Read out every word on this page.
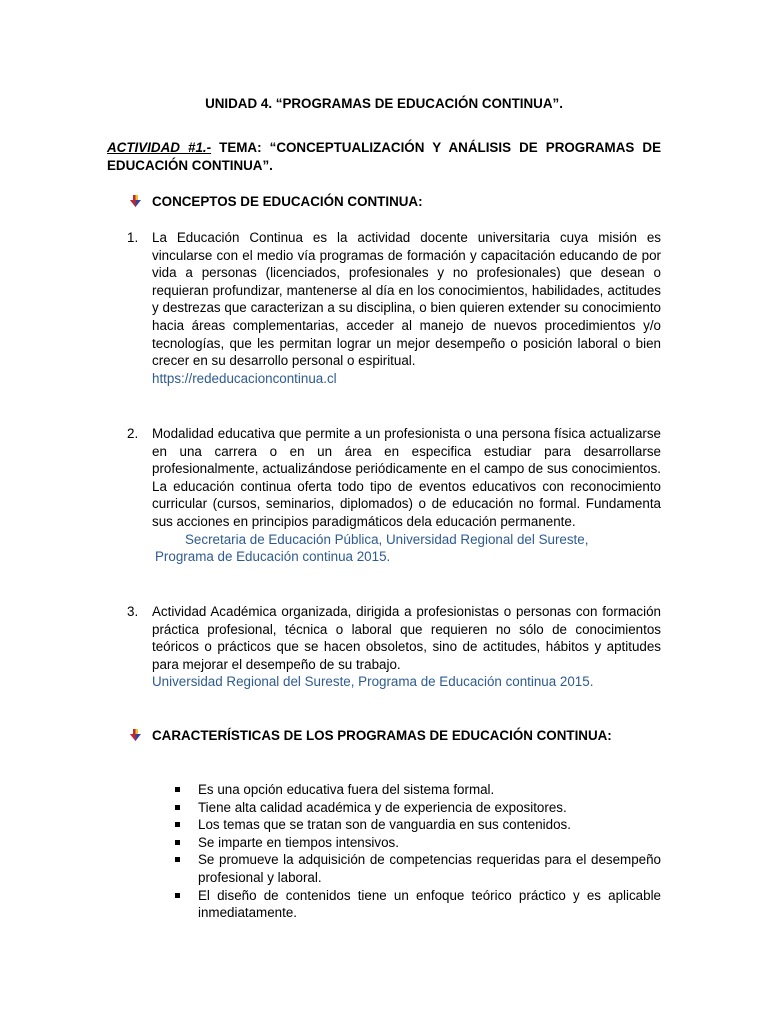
UNIDAD 4. “PROGRAMAS DE EDUCACIÓN CONTINUA”.

ACTIVIDAD #1.- TEMA: “CONCEPTUALIZACIÓN Y ANÁLISIS DE PROGRAMAS DE EDUCACIÓN CONTINUA”.

CONCEPTOS DE EDUCACIÓN CONTINUA:
1.	La Educación Continua es la actividad docente universitaria cuya misión es vincularse con el medio vía programas de formación y capacitación educando de por vida a personas (licenciados, profesionales y no profesionales) que desean o requieran profundizar, mantenerse al día en los conocimientos, habilidades, actitudes y destrezas que caracterizan a su disciplina, o bien quieren extender su conocimiento hacia áreas complementarias, acceder al manejo de nuevos procedimientos y/o tecnologías, que les permitan lograr un mejor desempeño o posición laboral o bien crecer en su desarrollo personal o espiritual.
https://rededucacioncontinua.cl
2.	Modalidad educativa que permite a un profesionista o una persona física actualizarse en una carrera o en un área en especifica estudiar para desarrollarse profesionalmente, actualizándose periódicamente en el campo de sus conocimientos. La educación continua oferta todo tipo de eventos educativos con reconocimiento curricular (cursos, seminarios, diplomados) o de educación no formal. Fundamenta sus acciones en principios paradigmáticos dela educación permanente.
Secretaria de Educación Pública, Universidad Regional del Sureste,
Programa de Educación continua 2015.
3.	Actividad Académica organizada, dirigida a profesionistas o personas con formación práctica profesional, técnica o laboral que requieren no sólo de conocimientos teóricos o prácticos que se hacen obsoletos, sino de actitudes, hábitos y aptitudes para mejorar el desempeño de su trabajo.
Universidad Regional del Sureste, Programa de Educación continua 2015.
CARACTERÍSTICAS DE LOS PROGRAMAS DE EDUCACIÓN CONTINUA:
Es una opción educativa fuera del sistema formal.
Tiene alta calidad académica y de experiencia de expositores.
Los temas que se tratan son de vanguardia en sus contenidos.
Se imparte en tiempos intensivos.
Se promueve la adquisición de competencias requeridas para el desempeño profesional y laboral.
El diseño de contenidos tiene un enfoque teórico práctico y es aplicable inmediatamente.
